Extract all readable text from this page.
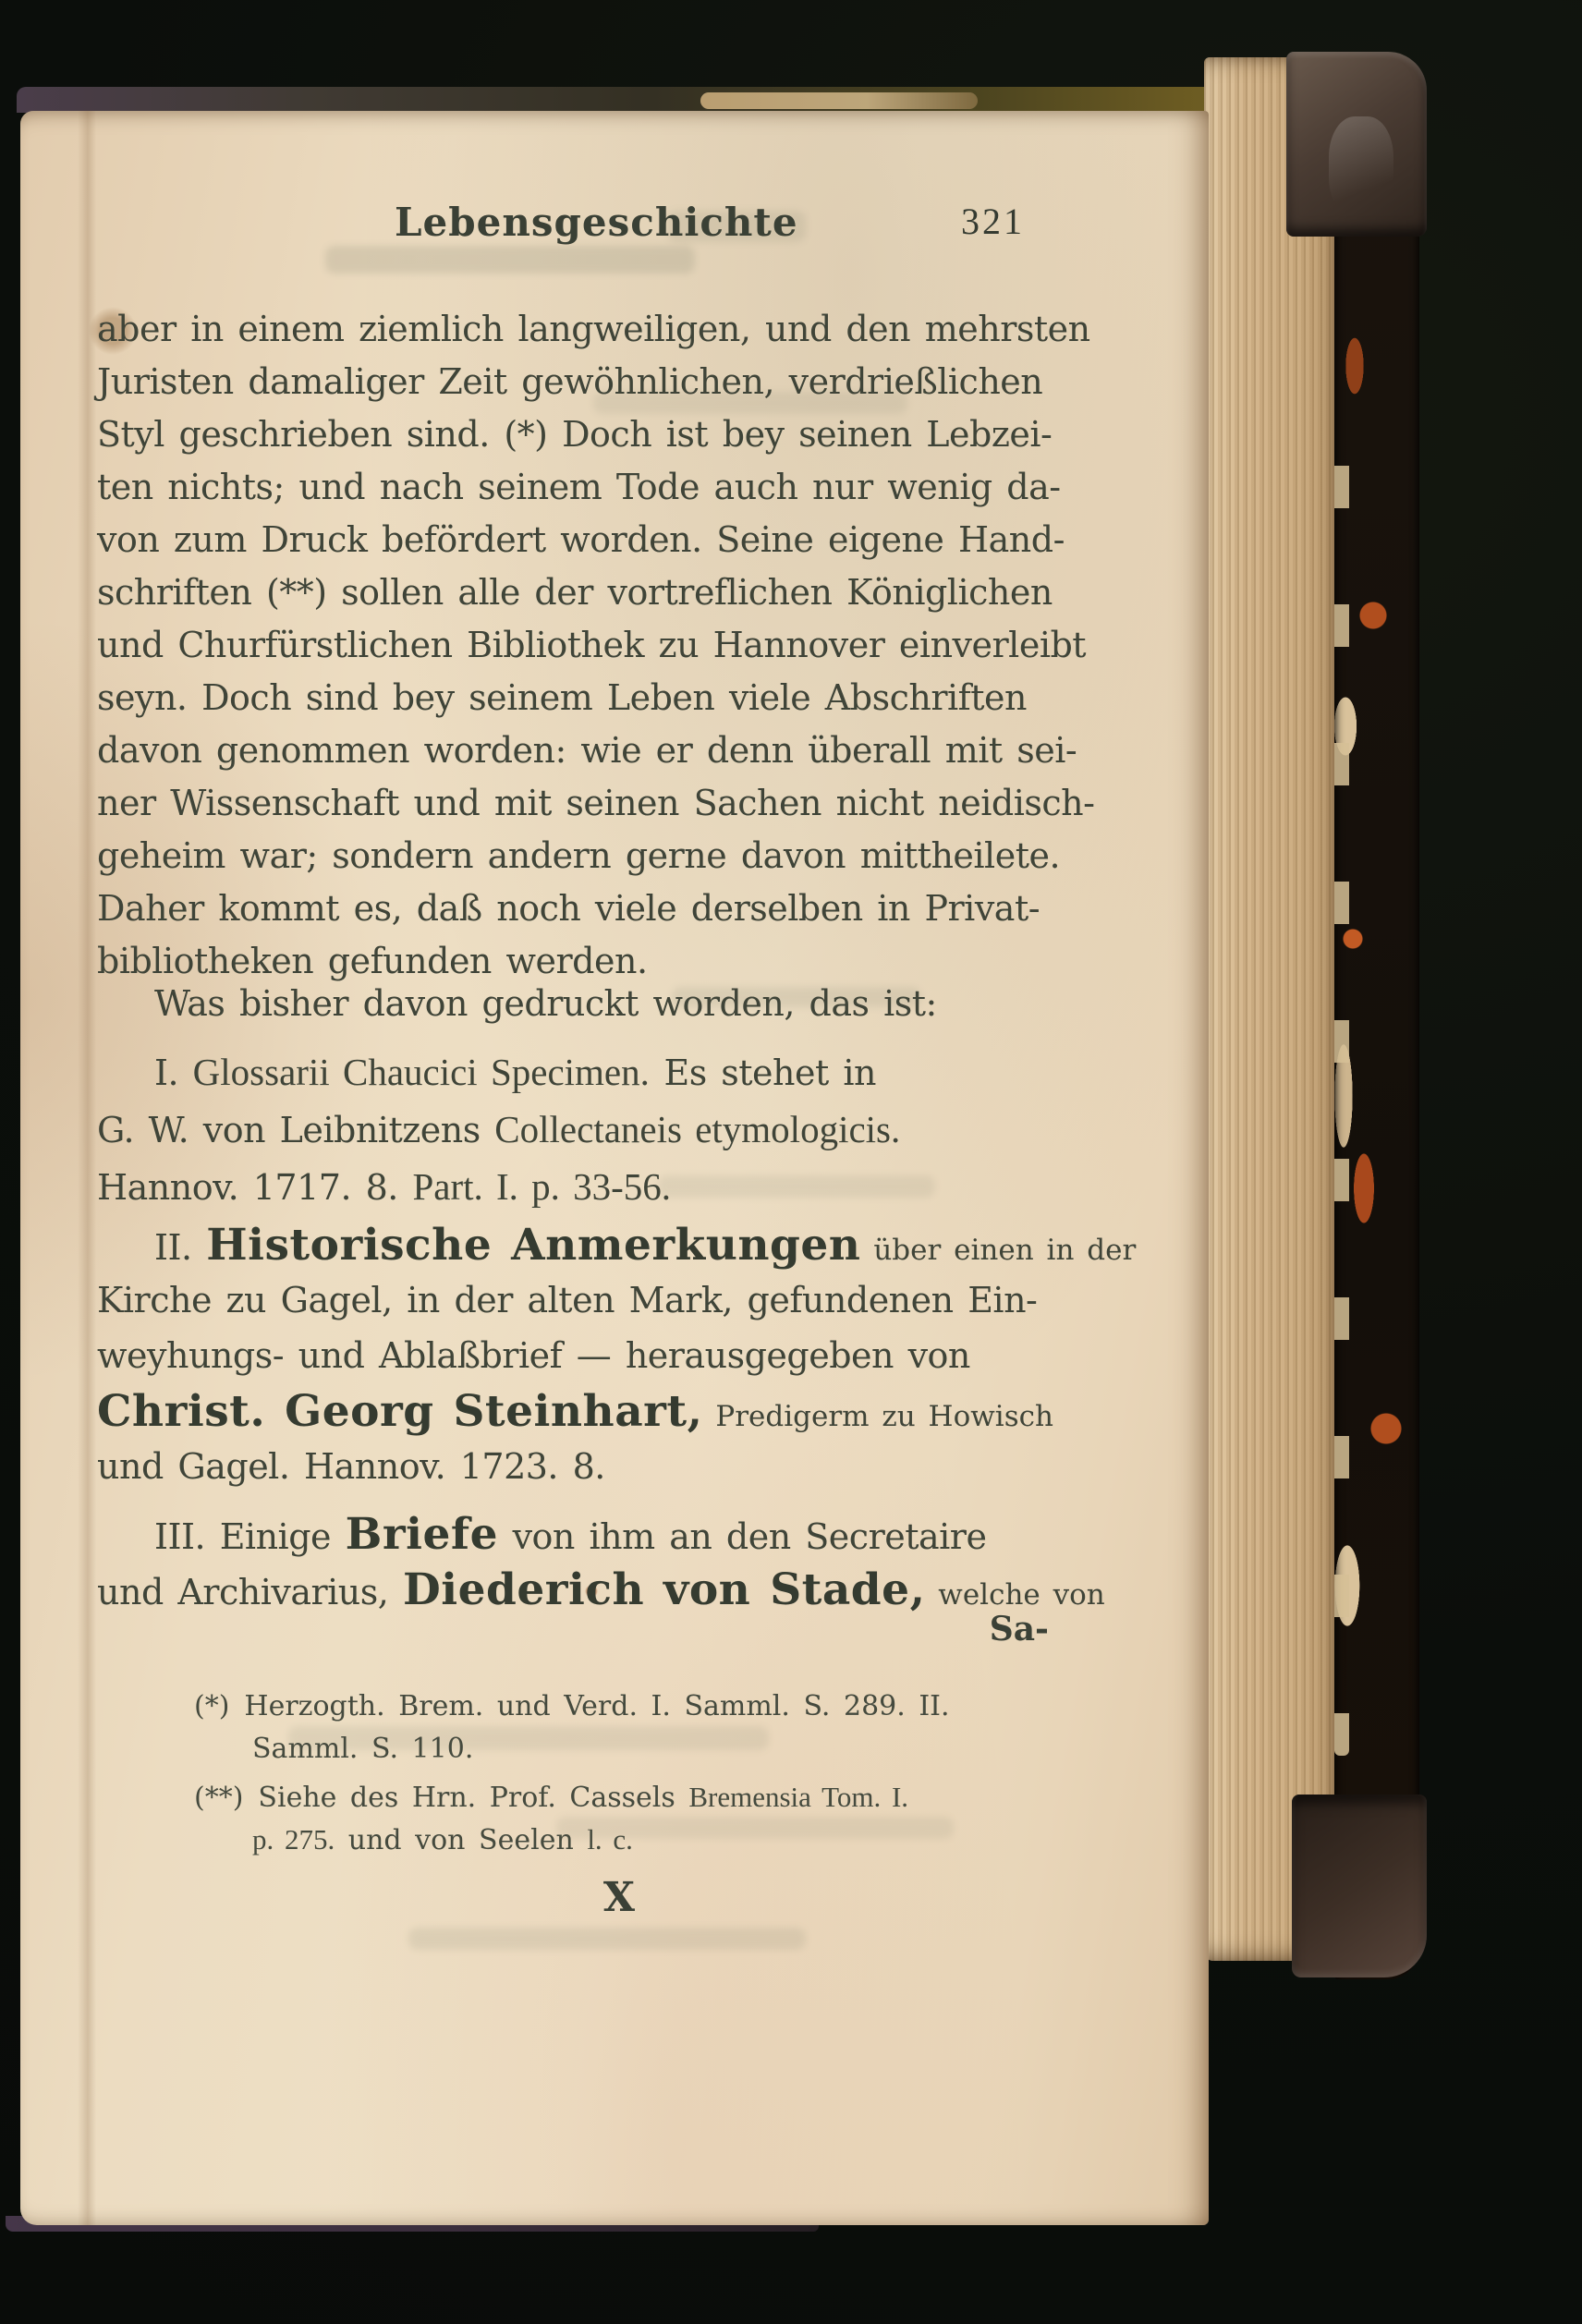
Lebensgeschichte	321
aber in einem ziemlich langweiligen, und den mehrsten
Juristen damaliger Zeit gewöhnlichen, verdrießlichen
Styl geschrieben sind. (*) Doch ist bey seinen Lebzei-
ten nichts; und nach seinem Tode auch nur wenig da-
von zum Druck befördert worden. Seine eigene Hand-
schriften (**) sollen alle der vortreflichen Königlichen
und Churfürstlichen Bibliothek zu Hannover einverleibt
seyn. Doch sind bey seinem Leben viele Abschriften
davon genommen worden: wie er denn überall mit sei-
ner Wissenschaft und mit seinen Sachen nicht neidisch-
geheim war; sondern andern gerne davon mittheilete.
Daher kommt es, daß noch viele derselben in Privat-
bibliotheken gefunden werden.
Was bisher davon gedruckt worden, das ist:
I. Glossarii Chaucici Specimen. Es stehet in
G. W. von Leibnitzens Collectaneis etymologicis.
Hannov. 1717. 8. Part. I. p. 33-56.
II. Historische Anmerkungen über einen in der
Kirche zu Gagel, in der alten Mark, gefundenen Ein-
weyhungs- und Ablaßbrief — herausgegeben von
Christ. Georg Steinhart, Predigerm zu Howisch
und Gagel. Hannov. 1723. 8.
III. Einige Briefe von ihm an den Secretaire
und Archivarius, Diederich von Stade, welche von
Sa-
(*) Herzogth. Brem. und Verd. I. Samml. S. 289. II.
Samml. S. 110.
(**) Siehe des Hrn. Prof. Cassels Bremensia Tom. I.
p. 275. und von Seelen l. c.
X
